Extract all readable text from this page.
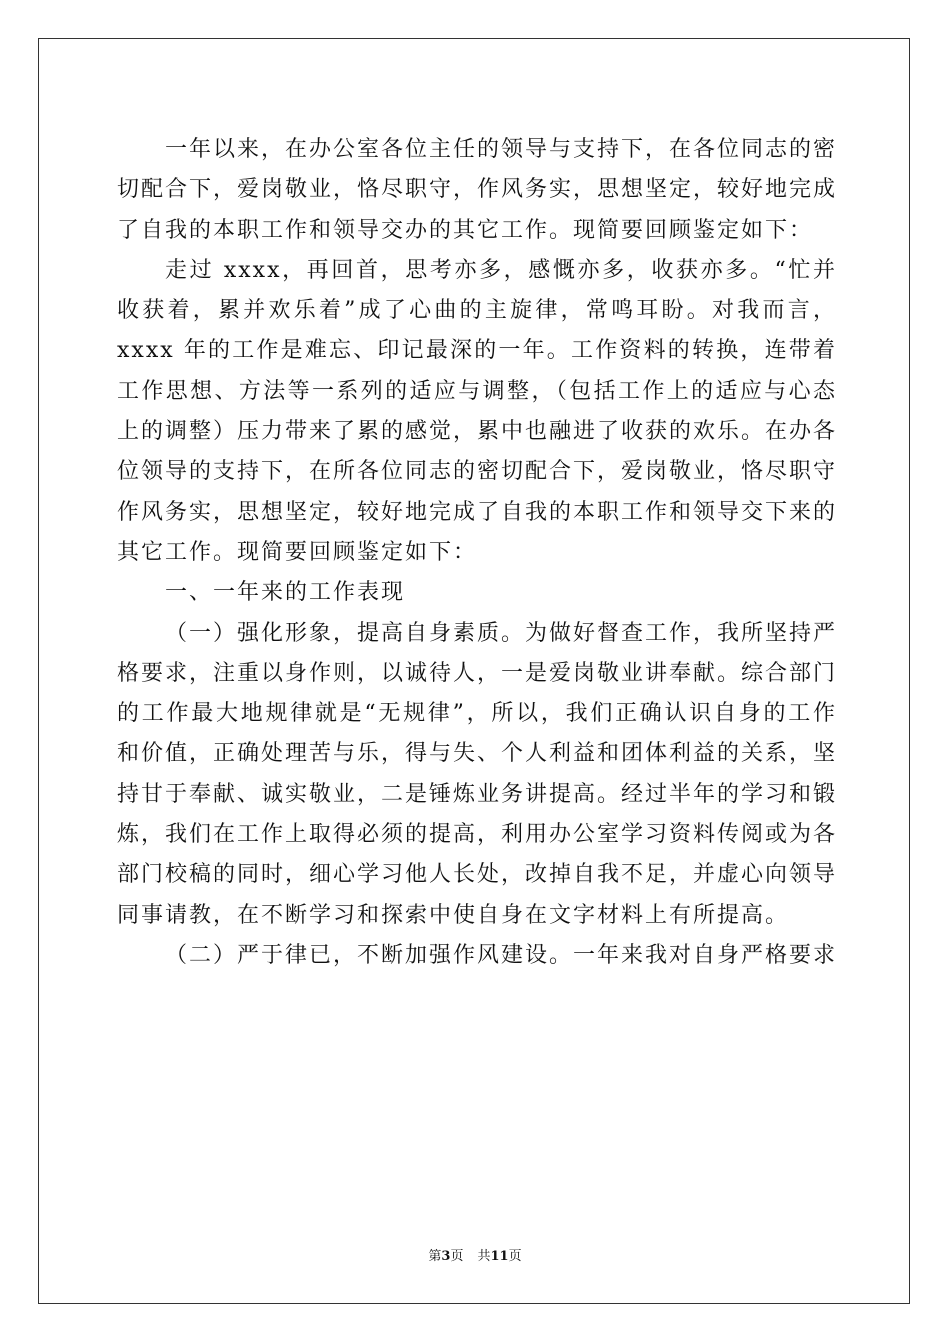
一年以来，在办公室各位主任的领导与支持下，在各位同志的密切配合下，爱岗敬业，恪尽职守，作风务实，思想坚定，较好地完成了自我的本职工作和领导交办的其它工作。现简要回顾鉴定如下：

走过 xxxx，再回首，思考亦多，感慨亦多，收获亦多。“忙并收获着，累并欢乐着”成了心曲的主旋律，常鸣耳盼。对我而言，xxxx 年的工作是难忘、印记最深的一年。工作资料的转换，连带着工作思想、方法等一系列的适应与调整，（包括工作上的适应与心态上的调整）压力带来了累的感觉，累中也融进了收获的欢乐。在办各位领导的支持下，在所各位同志的密切配合下，爱岗敬业，恪尽职守作风务实，思想坚定，较好地完成了自我的本职工作和领导交下来的其它工作。现简要回顾鉴定如下：

一、一年来的工作表现

（一）强化形象，提高自身素质。为做好督查工作，我所坚持严格要求，注重以身作则，以诚待人，一是爱岗敬业讲奉献。综合部门的工作最大地规律就是“无规律”，所以，我们正确认识自身的工作和价值，正确处理苦与乐，得与失、个人利益和团体利益的关系，坚持甘于奉献、诚实敬业，二是锤炼业务讲提高。经过半年的学习和锻炼，我们在工作上取得必须的提高，利用办公室学习资料传阅或为各部门校稿的同时，细心学习他人长处，改掉自我不足，并虚心向领导同事请教，在不断学习和探索中使自身在文字材料上有所提高。

（二）严于律已，不断加强作风建设。一年来我对自身严格要求

第3页 共11页
